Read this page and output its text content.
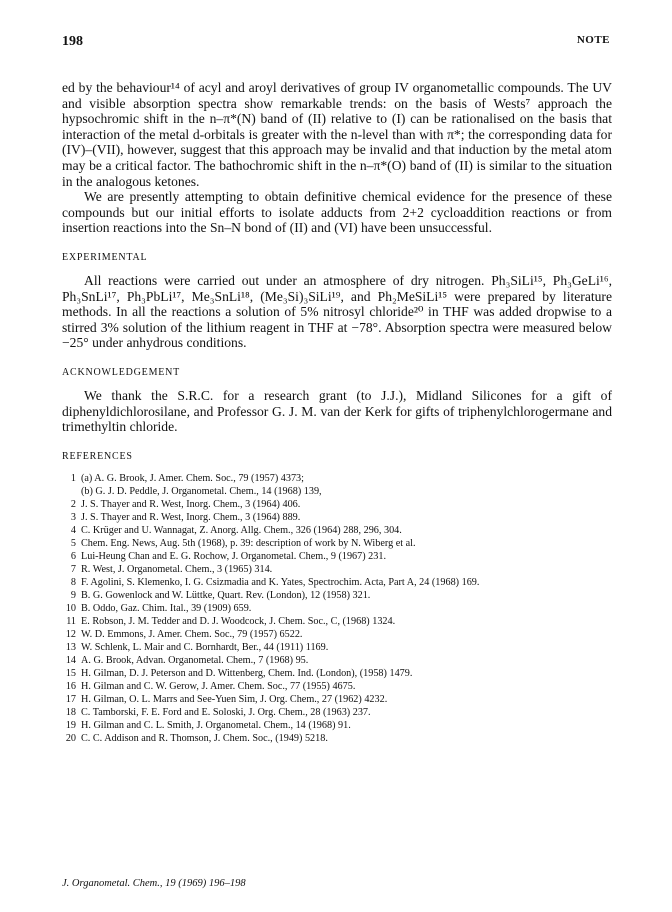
198	NOTE

ed by the behaviour¹⁴ of acyl and aroyl derivatives of group IV organometallic compounds. The UV and visible absorption spectra show remarkable trends: on the basis of Wests⁷ approach the hypsochromic shift in the n–π*(N) band of (II) relative to (I) can be rationalised on the basis that interaction of the metal d-orbitals is greater with the n-level than with π*; the corresponding data for (IV)–(VII), however, suggest that this approach may be invalid and that induction by the metal atom may be a critical factor. The bathochromic shift in the n–π*(O) band of (II) is similar to the situation in the analogous ketones.

We are presently attempting to obtain definitive chemical evidence for the presence of these compounds but our initial efforts to isolate adducts from 2+2 cycloaddition reactions or from insertion reactions into the Sn–N bond of (II) and (VI) have been unsuccessful.

EXPERIMENTAL

All reactions were carried out under an atmosphere of dry nitrogen. Ph₃SiLi¹⁵, Ph₃GeLi¹⁶, Ph₃SnLi¹⁷, Ph₃PbLi¹⁷, Me₃SnLi¹⁸, (Me₃Si)₃SiLi¹⁹, and Ph₂MeSiLi¹⁵ were prepared by literature methods. In all the reactions a solution of 5% nitrosyl chloride²⁰ in THF was added dropwise to a stirred 3% solution of the lithium reagent in THF at −78°. Absorption spectra were measured below −25° under anhydrous conditions.

ACKNOWLEDGEMENT

We thank the S.R.C. for a research grant (to J.J.), Midland Silicones for a gift of diphenyldichlorosilane, and Professor G. J. M. van der Kerk for gifts of triphenylchlorogermane and trimethyltin chloride.

REFERENCES
1 (a) A. G. Brook, J. Amer. Chem. Soc., 79 (1957) 4373;
(b) G. J. D. Peddle, J. Organometal. Chem., 14 (1968) 139,
2 J. S. Thayer and R. West, Inorg. Chem., 3 (1964) 406.
3 J. S. Thayer and R. West, Inorg. Chem., 3 (1964) 889.
4 C. Krüger and U. Wannagat, Z. Anorg. Allg. Chem., 326 (1964) 288, 296, 304.
5 Chem. Eng. News, Aug. 5th (1968), p. 39: description of work by N. Wiberg et al.
6 Lui-Heung Chan and E. G. Rochow, J. Organometal. Chem., 9 (1967) 231.
7 R. West, J. Organometal. Chem., 3 (1965) 314.
8 F. Agolini, S. Klemenko, I. G. Csizmadia and K. Yates, Spectrochim. Acta, Part A, 24 (1968) 169.
9 B. G. Gowenlock and W. Lüttke, Quart. Rev. (London), 12 (1958) 321.
10 B. Oddo, Gaz. Chim. Ital., 39 (1909) 659.
11 E. Robson, J. M. Tedder and D. J. Woodcock, J. Chem. Soc., C, (1968) 1324.
12 W. D. Emmons, J. Amer. Chem. Soc., 79 (1957) 6522.
13 W. Schlenk, L. Mair and C. Bornhardt, Ber., 44 (1911) 1169.
14 A. G. Brook, Advan. Organometal. Chem., 7 (1968) 95.
15 H. Gilman, D. J. Peterson and D. Wittenberg, Chem. Ind. (London), (1958) 1479.
16 H. Gilman and C. W. Gerow, J. Amer. Chem. Soc., 77 (1955) 4675.
17 H. Gilman, O. L. Marrs and See-Yuen Sim, J. Org. Chem., 27 (1962) 4232.
18 C. Tamborski, F. E. Ford and E. Soloski, J. Org. Chem., 28 (1963) 237.
19 H. Gilman and C. L. Smith, J. Organometal. Chem., 14 (1968) 91.
20 C. C. Addison and R. Thomson, J. Chem. Soc., (1949) 5218.
J. Organometal. Chem., 19 (1969) 196–198
